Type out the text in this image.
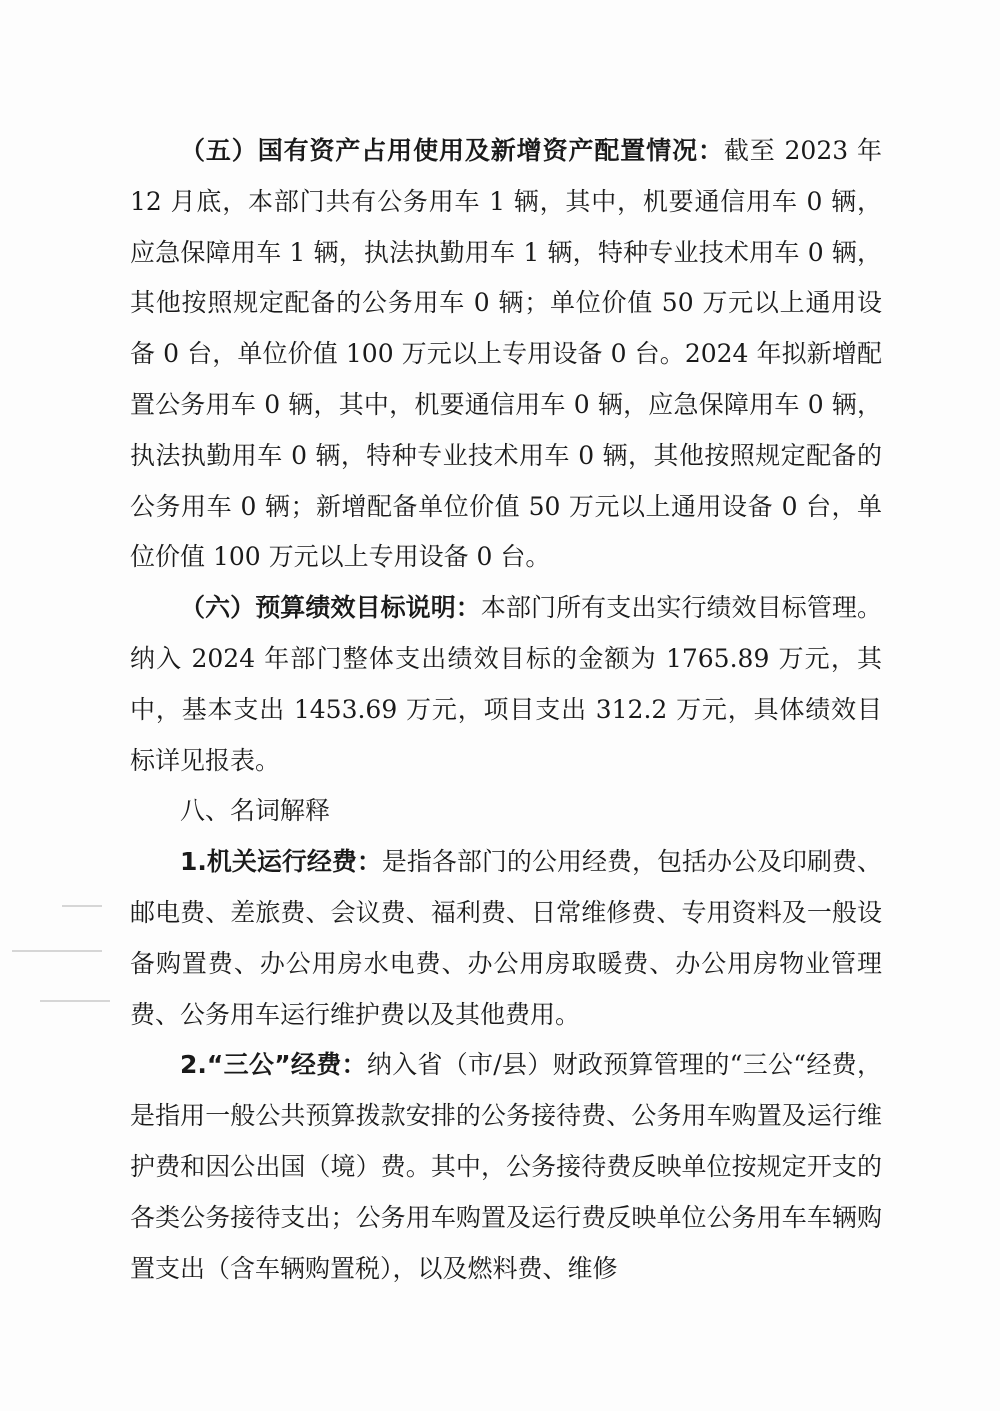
（五）国有资产占用使用及新增资产配置情况：截至 2023 年 12 月底，本部门共有公务用车 1 辆，其中，机要通信用车 0 辆，应急保障用车 1 辆，执法执勤用车 1 辆，特种专业技术用车 0 辆，其他按照规定配备的公务用车 0 辆；单位价值 50 万元以上通用设备 0 台，单位价值 100 万元以上专用设备 0 台。2024 年拟新增配置公务用车 0 辆，其中，机要通信用车 0 辆，应急保障用车 0 辆，执法执勤用车 0 辆，特种专业技术用车 0 辆，其他按照规定配备的公务用车 0 辆；新增配备单位价值 50 万元以上通用设备 0 台，单位价值 100 万元以上专用设备 0 台。

（六）预算绩效目标说明：本部门所有支出实行绩效目标管理。纳入 2024 年部门整体支出绩效目标的金额为 1765.89 万元，其中，基本支出 1453.69 万元，项目支出 312.2 万元，具体绩效目标详见报表。

八、名词解释

1.机关运行经费：是指各部门的公用经费，包括办公及印刷费、邮电费、差旅费、会议费、福利费、日常维修费、专用资料及一般设备购置费、办公用房水电费、办公用房取暖费、办公用房物业管理费、公务用车运行维护费以及其他费用。

2.“三公”经费：纳入省（市/县）财政预算管理的“三公“经费，是指用一般公共预算拨款安排的公务接待费、公务用车购置及运行维护费和因公出国（境）费。其中，公务接待费反映单位按规定开支的各类公务接待支出；公务用车购置及运行费反映单位公务用车车辆购置支出（含车辆购置税），以及燃料费、维修
